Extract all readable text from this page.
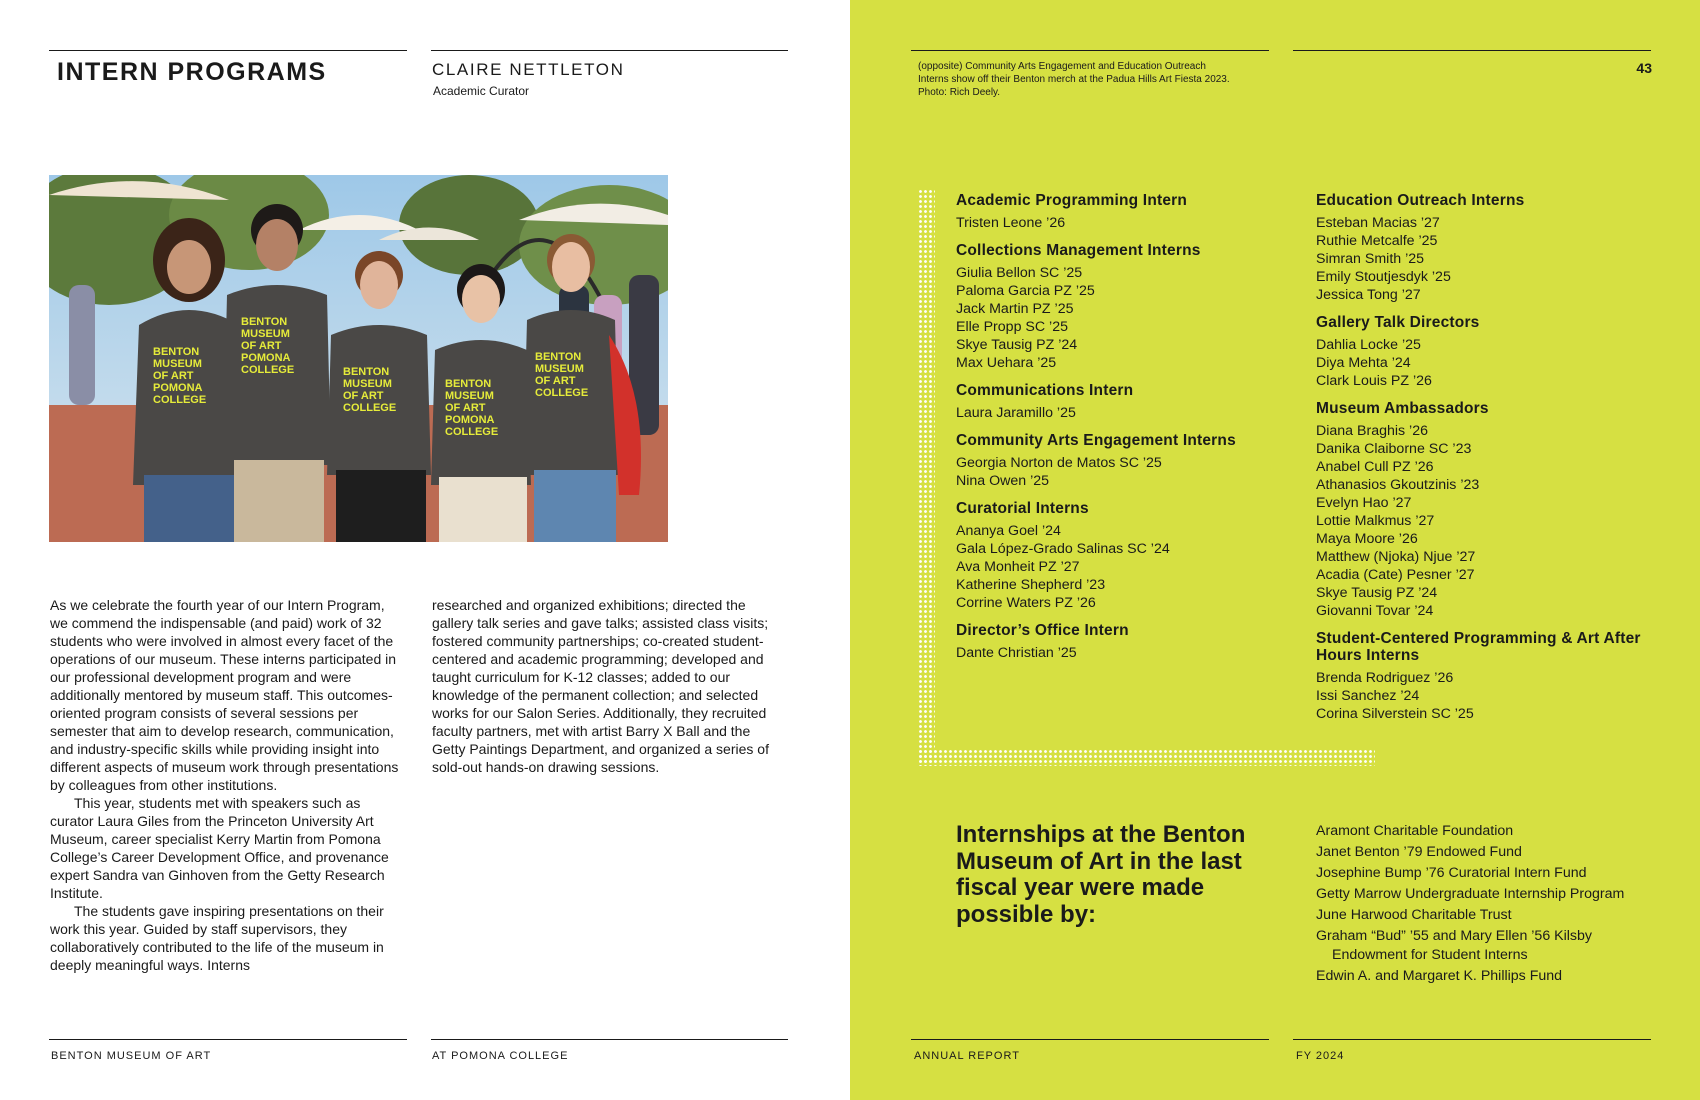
INTERN PROGRAMS	CLAIRE NETTLETON
Academic Curator
BENTON MUSEUM OF ART POMONA COLLEGE
BENTON MUSEUM OF ART POMONA COLLEGE	BENTON MUSEUM OF ART COLLEGE
BENTON MUSEUM OF ART POMONA COLLEGE
BENTON MUSEUM OF ART COLLEGE

As we celebrate the fourth year of our Intern Program, we commend the indispensable (and paid) work of 32 students who were involved in almost every facet of the operations of our museum. These interns participated in our professional development program and were additionally mentored by museum staff. This outcomes-oriented program consists of several sessions per semester that aim to develop research, communication, and industry-specific skills while providing insight into different aspects of museum work through presentations by colleagues from other institutions.

This year, students met with speakers such as curator Laura Giles from the Princeton University Art Museum, career specialist Kerry Martin from Pomona College’s Career Development Office, and provenance expert Sandra van Ginhoven from the Getty Research Institute.

The students gave inspiring presentations on their work this year. Guided by staff supervisors, they collaboratively contributed to the life of the museum in deeply meaningful ways. Interns

researched and organized exhibitions; directed the gallery talk series and gave talks; assisted class visits; fostered community partnerships; co-created student-centered and academic programming; developed and taught curriculum for K-12 classes; added to our knowledge of the permanent collection; and selected works for our Salon Series. Additionally, they recruited faculty partners, met with artist Barry X Ball and the Getty Paintings Department, and organized a series of sold-out hands-on drawing sessions.

BENTON MUSEUM OF ART	AT POMONA COLLEGE
(opposite) Community Arts Engagement and Education Outreach Interns show off their Benton merch at the Padua Hills Art Fiesta 2023. Photo: Rich Deely.
43
Academic Programming Intern
Tristen Leone ’26
Collections Management Interns
Giulia Bellon SC ’25
Paloma Garcia PZ ’25
Jack Martin PZ ’25
Elle Propp SC ’25
Skye Tausig PZ ’24
Max Uehara ’25
Communications Intern
Laura Jaramillo ’25
Community Arts Engagement Interns
Georgia Norton de Matos SC ’25
Nina Owen ’25
Curatorial Interns
Ananya Goel ’24
Gala López-Grado Salinas SC ’24
Ava Monheit PZ ’27
Katherine Shepherd ’23
Corrine Waters PZ ’26
Director’s Office Intern
Dante Christian ’25
Education Outreach Interns
Esteban Macias ’27
Ruthie Metcalfe ’25
Simran Smith ’25
Emily Stoutjesdyk ’25
Jessica Tong ’27
Gallery Talk Directors
Dahlia Locke ’25
Diya Mehta ’24
Clark Louis PZ ’26
Museum Ambassadors
Diana Braghis ’26
Danika Claiborne SC ’23
Anabel Cull PZ ’26
Athanasios Gkoutzinis ’23
Evelyn Hao ’27
Lottie Malkmus ’27
Maya Moore ’26
Matthew (Njoka) Njue ’27
Acadia (Cate) Pesner ’27
Skye Tausig PZ ’24
Giovanni Tovar ’24
Student-Centered Programming & Art After Hours Interns
Brenda Rodriguez ’26
Issi Sanchez ’24
Corina Silverstein SC ’25
Internships at the Benton Museum of Art in the last fiscal year were made possible by:
Aramont Charitable Foundation
Janet Benton ’79 Endowed Fund
Josephine Bump ’76 Curatorial Intern Fund
Getty Marrow Undergraduate Internship Program
June Harwood Charitable Trust
Graham “Bud” ’55 and Mary Ellen ’56 Kilsby
Endowment for Student Interns
Edwin A. and Margaret K. Phillips Fund
ANNUAL REPORT	FY 2024
